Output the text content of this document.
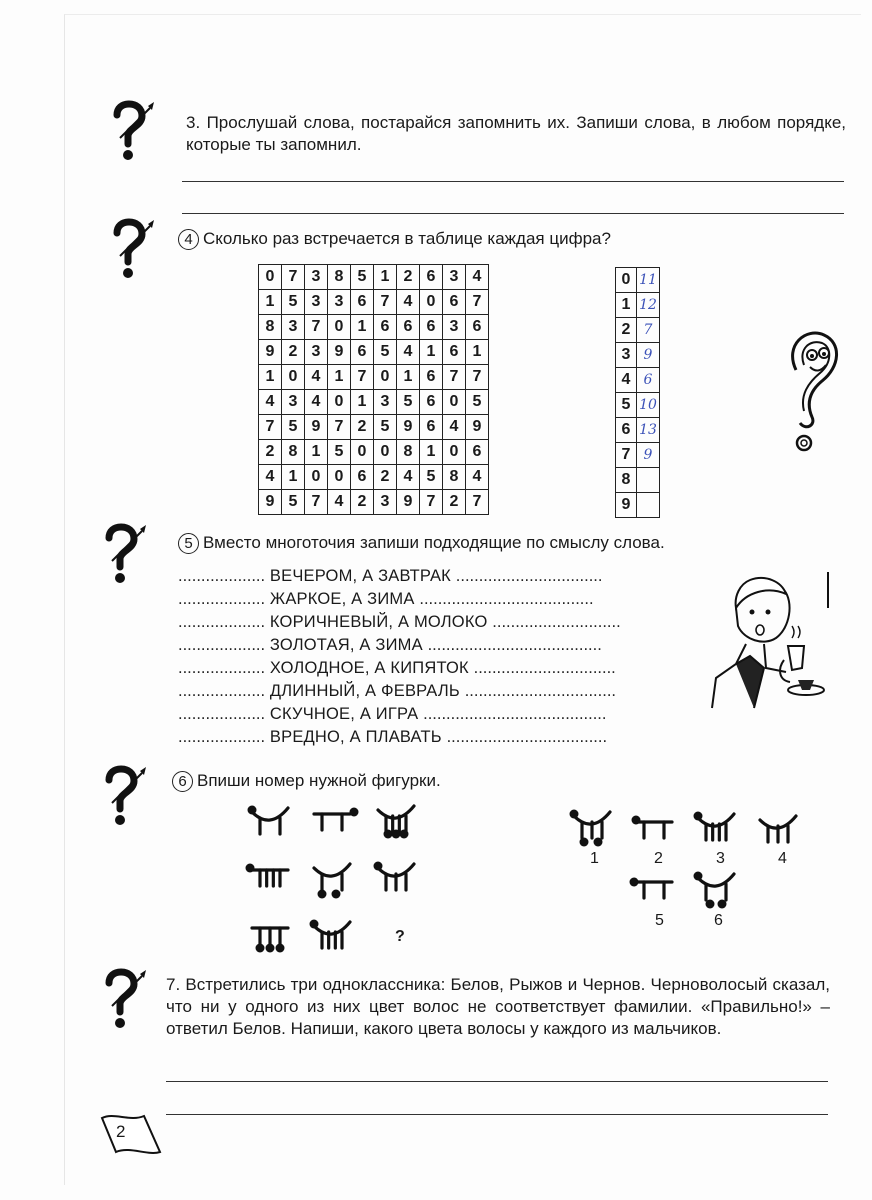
3. Прослушай слова, постарайся запомнить их. Запиши слова, в любом порядке, которые ты запомнил.
4 Сколько раз встречается в таблице каждая цифра?
0	7	3	8	5	1	2	6	3	4
1	5	3	3	6	7	4	0	6	7
8	3	7	0	1	6	6	6	3	6
9	2	3	9	6	5	4	1	6	1
1	0	4	1	7	0	1	6	7	7
4	3	4	0	1	3	5	6	0	5
7	5	9	7	2	5	9	6	4	9
2	8	1	5	0	0	8	1	0	6
4	1	0	0	6	2	4	5	8	4
9	5	7	4	2	3	9	7	2	7
0	11
1	12
2	7
3	9
4	6
5	10
6	13
7	9
8	
9	
5 Вместо многоточия запиши подходящие по смыслу слова.
................... ВЕЧЕРОМ, А ЗАВТРАК ................................
................... ЖАРКОЕ, А ЗИМА ......................................
................... КОРИЧНЕВЫЙ, А МОЛОКО ............................
................... ЗОЛОТАЯ, А ЗИМА ......................................
................... ХОЛОДНОЕ, А КИПЯТОК ...............................
................... ДЛИННЫЙ, А ФЕВРАЛЬ .................................
................... СКУЧНОЕ, А ИГРА ........................................
................... ВРЕДНО, А ПЛАВАТЬ ...................................
6 Впиши номер нужной фигурки.
?
1	2	3	4
5	6
7. Встретились три одноклассника: Белов, Рыжов и Чернов. Черноволосый сказал, что ни у одного из них цвет волос не соответствует фамилии. «Правильно!» – ответил Белов. Напиши, какого цвета волосы у каждого из мальчиков.
2
